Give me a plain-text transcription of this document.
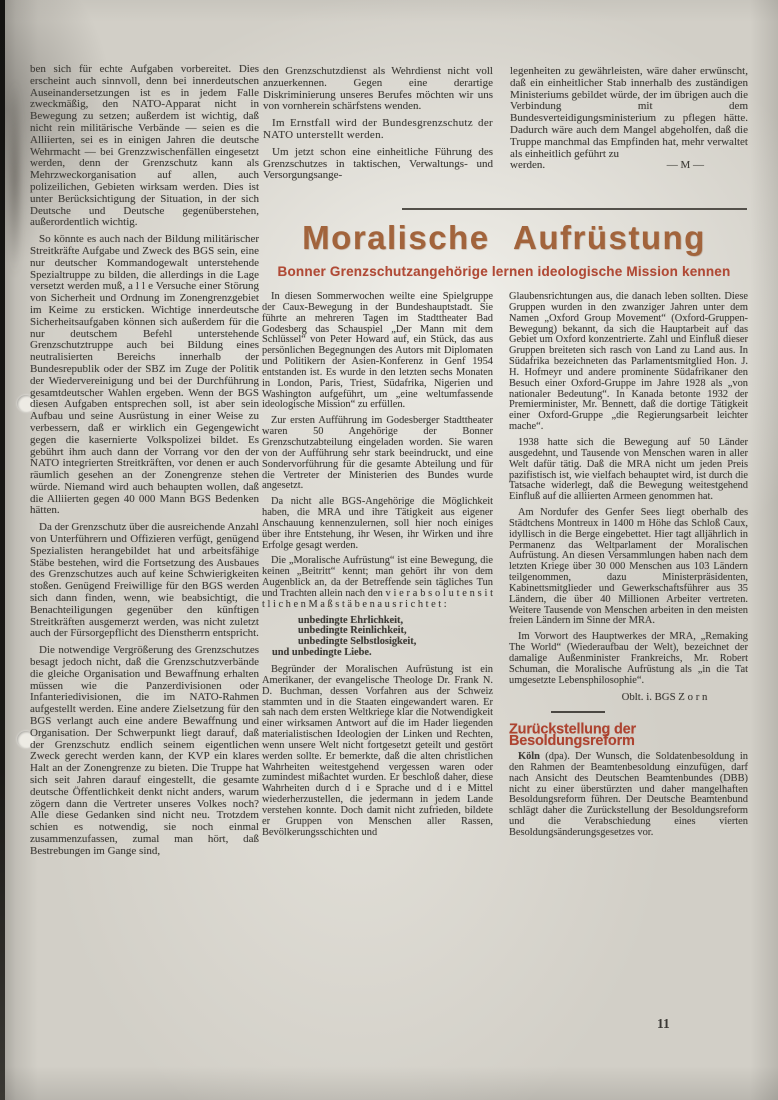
ben sich für echte Aufgaben vorbereitet. Dies erscheint auch sinnvoll, denn bei innerdeutschen Auseinandersetzungen ist es in jedem Falle zweckmäßig, den NATO-Apparat nicht in Bewegung zu setzen; außerdem ist wichtig, daß nicht rein militärische Verbände — seien es die Alliierten, sei es in einigen Jahren die deutsche Wehrmacht — bei Grenzzwischenfällen eingesetzt werden, denn der Grenzschutz kann als Mehrzweckorganisation auf allen, auch polizeilichen, Gebieten wirksam werden. Dies ist unter Berücksichtigung der Situation, in der sich Deutsche und Deutsche gegenüberstehen, außerordentlich wichtig.

So könnte es auch nach der Bildung militärischer Streitkräfte Aufgabe und Zweck des BGS sein, eine nur deutscher Kommandogewalt unterstehende Spezialtruppe zu bilden, die allerdings in die Lage versetzt werden muß, a l l e Versuche einer Störung von Sicherheit und Ordnung im Zonengrenzgebiet im Keime zu ersticken. Wichtige innerdeutsche Sicherheitsaufgaben können sich außerdem für die nur deutschem Befehl unterstehende Grenzschutztruppe auch bei Bildung eines neutralisierten Bereichs innerhalb der Bundesrepublik oder der SBZ im Zuge der Politik der Wiedervereinigung und bei der Durchführung gesamtdeutscher Wahlen ergeben. Wenn der BGS diesen Aufgaben entsprechen soll, ist aber sein Aufbau und seine Ausrüstung in einer Weise zu verbessern, daß er wirklich ein Gegengewicht gegen die kasernierte Volkspolizei bildet. Es gebührt ihm auch dann der Vorrang vor den der NATO integrierten Streitkräften, vor denen er auch räumlich gesehen an der Zonengrenze stehen würde. Niemand wird auch behaupten wollen, daß die Alliierten gegen 40 000 Mann BGS Bedenken hätten.

Da der Grenzschutz über die ausreichende Anzahl von Unterführern und Offizieren verfügt, genügend Spezialisten herangebildet hat und arbeitsfähige Stäbe bestehen, wird die Fortsetzung des Ausbaues des Grenzschutzes auch auf keine Schwierigkeiten stoßen. Genügend Freiwillige für den BGS werden sich dann finden, wenn, wie beabsichtigt, die Benachteiligungen gegenüber den künftigen Streitkräften ausgemerzt werden, was nicht zuletzt auch der Fürsorgepflicht des Dienstherrn entspricht.

Die notwendige Vergrößerung des Grenzschutzes besagt jedoch nicht, daß die Grenzschutzverbände die gleiche Organisation und Bewaffnung erhalten müssen wie die Panzerdivisionen oder Infanteriedivisionen, die im NATO-Rahmen aufgestellt werden. Eine andere Zielsetzung für den BGS verlangt auch eine andere Bewaffnung und Organisation. Der Schwerpunkt liegt darauf, daß der Grenzschutz endlich seinem eigentlichen Zweck gerecht werden kann, der KVP ein klares Halt an der Zonengrenze zu bieten. Die Truppe hat sich seit Jahren darauf eingestellt, die gesamte deutsche Öffentlichkeit denkt nicht anders, warum zögern dann die Vertreter unseres Volkes noch? Alle diese Gedanken sind nicht neu. Trotzdem schien es notwendig, sie noch einmal zusammenzufassen, zumal man hört, daß Bestrebungen im Gange sind,

den Grenzschutzdienst als Wehrdienst nicht voll anzuerkennen. Gegen eine derartige Diskriminierung unseres Berufes möchten wir uns von vornherein schärfstens wenden.

Im Ernstfall wird der Bundesgrenzschutz der NATO unterstellt werden.

Um jetzt schon eine einheitliche Führung des Grenzschutzes in taktischen, Verwaltungs- und Versorgungsange-

legenheiten zu gewährleisten, wäre daher erwünscht, daß ein einheitlicher Stab innerhalb des zuständigen Ministeriums gebildet würde, der im übrigen auch die Verbindung mit dem Bundesverteidigungsministerium zu pflegen hätte. Dadurch wäre auch dem Mangel abgeholfen, daß die Truppe manchmal das Empfinden hat, mehr verwaltet als einheitlich geführt zu

werden.	— M —
Moralische Aufrüstung
Bonner Grenzschutzangehörige lernen ideologische Mission kennen

In diesen Sommerwochen weilte eine Spielgruppe der Caux-Bewegung in der Bundeshauptstadt. Sie führte an mehreren Tagen im Stadttheater Bad Godesberg das Schauspiel „Der Mann mit dem Schlüssel“ von Peter Howard auf, ein Stück, das aus persönlichen Begegnungen des Autors mit Diplomaten und Politikern der Asien-Konferenz in Genf 1954 entstanden ist. Es wurde in den letzten sechs Monaten in London, Paris, Triest, Südafrika, Nigerien und Washington aufgeführt, um „eine weltumfassende ideologische Mission“ zu erfüllen.

Zur ersten Aufführung im Godesberger Stadttheater waren 50 Angehörige der Bonner Grenzschutzabteilung eingeladen worden. Sie waren von der Aufführung sehr stark beeindruckt, und eine Sondervorführung für die gesamte Abteilung und für die Vertreter der Ministerien des Bundes wurde angesetzt.

Da nicht alle BGS-Angehörige die Möglichkeit haben, die MRA und ihre Tätigkeit aus eigener Anschauung kennenzulernen, soll hier noch einiges über ihre Entstehung, ihr Wesen, ihr Wirken und ihre Erfolge gesagt werden.

Die „Moralische Aufrüstung“ ist eine Bewegung, die keinen „Beitritt“ kennt; man gehört ihr von dem Augenblick an, da der Betreffende sein tägliches Tun und Trachten allein nach den v i e r a b s o l u t e n s i t t l i c h e n M a ß s t ä b e n a u s r i c h t e t :

unbedingte Ehrlichkeit,
unbedingte Reinlichkeit,
unbedingte Selbstlosigkeit,
und unbedingte Liebe.

Begründer der Moralischen Aufrüstung ist ein Amerikaner, der evangelische Theologe Dr. Frank N. D. Buchman, dessen Vorfahren aus der Schweiz stammten und in die Staaten eingewandert waren. Er sah nach dem ersten Weltkriege klar die Notwendigkeit einer wirksamen Antwort auf die im Hader liegenden materialistischen Ideologien der Linken und Rechten, wenn unsere Welt nicht fortgesetzt geteilt und gestört werden sollte. Er bemerkte, daß die alten christlichen Wahrheiten weitestgehend vergessen waren oder zumindest mißachtet wurden. Er beschloß daher, diese Wahrheiten durch d i e Sprache und d i e Mittel wiederherzustellen, die jedermann in jedem Lande verstehen konnte. Doch damit nicht zufrieden, bildete er Gruppen von Menschen aller Rassen, Bevölkerungsschichten und

Glaubensrichtungen aus, die danach leben sollten. Diese Gruppen wurden in den zwanziger Jahren unter dem Namen „Oxford Group Movement“ (Oxford-Gruppen-Bewegung) bekannt, da sich die Hauptarbeit auf das Gebiet um Oxford konzentrierte. Zahl und Einfluß dieser Gruppen breiteten sich rasch von Land zu Land aus. In Südafrika bezeichneten das Parlamentsmitglied Hon. J. H. Hofmeyr und andere prominente Südafrikaner den Besuch einer Oxford-Gruppe im Jahre 1928 als „von nationaler Bedeutung“. In Kanada betonte 1932 der Premierminister, Mr. Bennett, daß die dortige Tätigkeit einer Oxford-Gruppe „die Regierungsarbeit leichter mache“.

1938 hatte sich die Bewegung auf 50 Länder ausgedehnt, und Tausende von Menschen waren in aller Welt dafür tätig. Daß die MRA nicht um jeden Preis pazifistisch ist, wie vielfach behauptet wird, ist durch die Tatsache widerlegt, daß die Bewegung weitestgehend Einfluß auf die alliierten Armeen genommen hat.

Am Nordufer des Genfer Sees liegt oberhalb des Städtchens Montreux in 1400 m Höhe das Schloß Caux, idyllisch in die Berge eingebettet. Hier tagt alljährlich in Permanenz das Weltparlament der Moralischen Aufrüstung. An diesen Versammlungen haben nach dem letzten Kriege über 30 000 Menschen aus 103 Ländern teilgenommen, dazu Ministerpräsidenten, Kabinettsmitglieder und Gewerkschaftsführer aus 35 Ländern, die über 40 Millionen Arbeiter vertreten. Weitere Tausende von Menschen arbeiten in den meisten freien Ländern im Sinne der MRA.

Im Vorwort des Hauptwerkes der MRA, „Remaking The World“ (Wiederaufbau der Welt), bezeichnet der damalige Außenminister Frankreichs, Mr. Robert Schuman, die Moralische Aufrüstung als „in die Tat umgesetzte Lebensphilosophie“.

Oblt. i. BGS Z o r n
Zurückstellung der Besoldungsreform

Köln (dpa). Der Wunsch, die Soldatenbesoldung in den Rahmen der Beamtenbesoldung einzufügen, darf nach Ansicht des Deutschen Beamtenbundes (DBB) nicht zu einer überstürzten und daher mangelhaften Besoldungsreform führen. Der Deutsche Beamtenbund schlägt daher die Zurückstellung der Besoldungsreform und die Verabschiedung eines vierten Besoldungsänderungsgesetzes vor.

11
